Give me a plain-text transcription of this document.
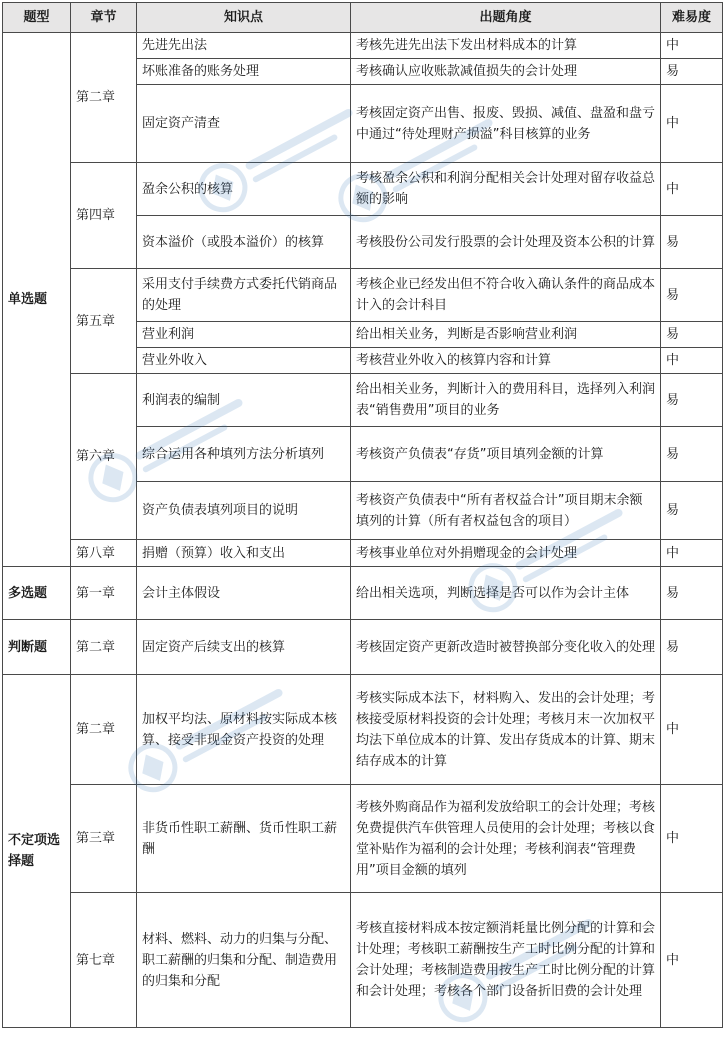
题型	章节	知识点	出题角度	难易度
单选题	第二章	先进先出法	考核先进先出法下发出材料成本的计算	中
		坏账准备的账务处理	考核确认应收账款减值损失的会计处理	易
		固定资产清查	考核固定资产出售、报废、毁损、减值、盘盈和盘亏中通过“待处理财产损溢”科目核算的业务	中
	第四章	盈余公积的核算	考核盈余公积和利润分配相关会计处理对留存收益总额的影响	中
		资本溢价（或股本溢价）的核算	考核股份公司发行股票的会计处理及资本公积的计算	易
	第五章	采用支付手续费方式委托代销商品的处理	考核企业已经发出但不符合收入确认条件的商品成本计入的会计科目	易
		营业利润	给出相关业务，判断是否影响营业利润	易
		营业外收入	考核营业外收入的核算内容和计算	中
	第六章	利润表的编制	给出相关业务，判断计入的费用科目，选择列入利润表“销售费用”项目的业务	易
		综合运用各种填列方法分析填列	考核资产负债表“存货”项目填列金额的计算	易
		资产负债表填列项目的说明	考核资产负债表中“所有者权益合计”项目期末余额填列的计算（所有者权益包含的项目）	易
	第八章	捐赠（预算）收入和支出	考核事业单位对外捐赠现金的会计处理	中
多选题	第一章	会计主体假设	给出相关选项，判断选择是否可以作为会计主体	易
判断题	第二章	固定资产后续支出的核算	考核固定资产更新改造时被替换部分变化收入的处理	易
不定项选择题	第二章	加权平均法、原材料按实际成本核算、接受非现金资产投资的处理	考核实际成本法下，材料购入、发出的会计处理；考核接受原材料投资的会计处理；考核月末一次加权平均法下单位成本的计算、发出存货成本的计算、期末结存成本的计算	中
	第三章	非货币性职工薪酬、货币性职工薪酬	考核外购商品作为福利发放给职工的会计处理；考核免费提供汽车供管理人员使用的会计处理；考核以食堂补贴作为福利的会计处理；考核利润表“管理费用”项目金额的填列	中
	第七章	材料、燃料、动力的归集与分配、职工薪酬的归集和分配、制造费用的归集和分配	考核直接材料成本按定额消耗量比例分配的计算和会计处理；考核职工薪酬按生产工时比例分配的计算和会计处理；考核制造费用按生产工时比例分配的计算和会计处理；考核各个部门设备折旧费的会计处理	中
